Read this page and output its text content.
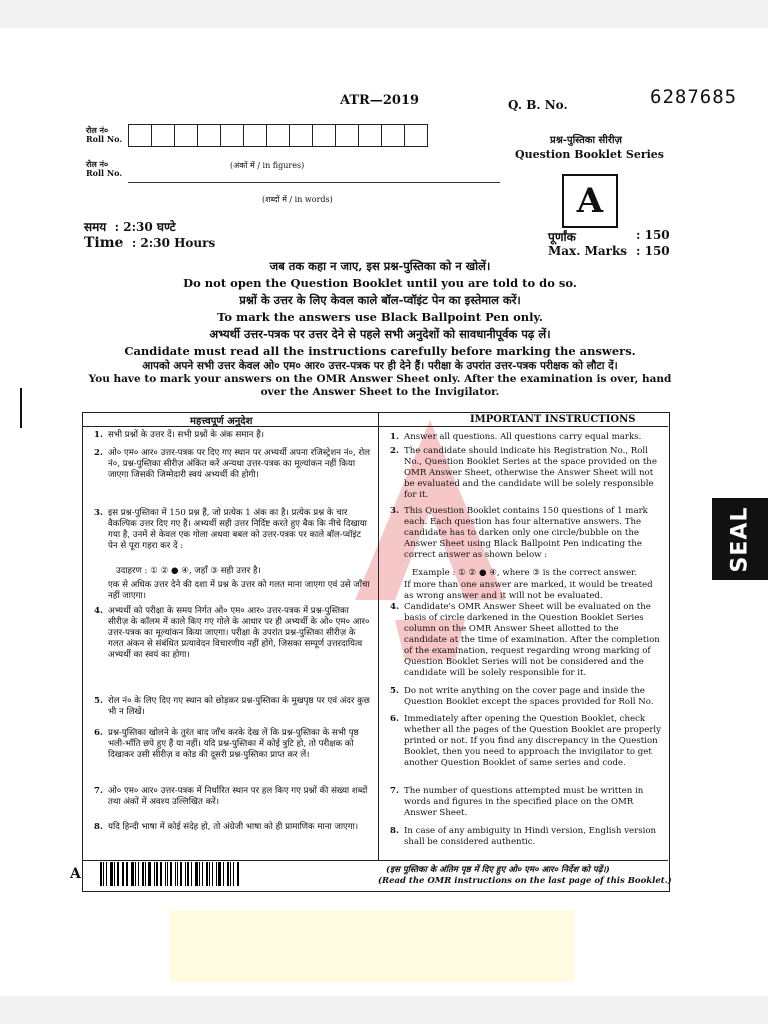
6287685
ATR—2019	Q. B. No.
रोल नं०
Roll No.
(अंकों में / in figures)
रोल नं०
Roll No.
(शब्दों में / in words)
प्रश्न-पुस्तिका सीरीज़
Question Booklet Series
A
समय : 2:30 घण्टे
Time : 2:30 Hours	पूर्णांक	: 150
Max. Marks : 150
जब तक कहा न जाए, इस प्रश्न-पुस्तिका को न खोलें।
Do not open the Question Booklet until you are told to do so.
प्रश्नों के उत्तर के लिए केवल काले बॉल-प्वॉइंट पेन का इस्तेमाल करें।
To mark the answers use Black Ballpoint Pen only.
अभ्यर्थी उत्तर-पत्रक पर उत्तर देने से पहले सभी अनुदेशों को सावधानीपूर्वक पढ़ लें।
Candidate must read all the instructions carefully before marking the answers.
आपको अपने सभी उत्तर केवल ओ० एम० आर० उत्तर-पत्रक पर ही देने हैं। परीक्षा के उपरांत उत्तर-पत्रक परीक्षक को लौटा दें।
You have to mark your answers on the OMR Answer Sheet only. After the examination is over, hand over the Answer Sheet to the Invigilator.
महत्त्वपूर्ण अनुदेश	IMPORTANT INSTRUCTIONS
1. सभी प्रश्नों के उत्तर दें। सभी प्रश्नों के अंक समान हैं।
2. ओ० एम० आर० उत्तर-पत्रक पर दिए गए स्थान पर अभ्यर्थी अपना रजिस्ट्रेशन नं०, रोल नं०, प्रश्न-पुस्तिका सीरीज़ अंकित करें अन्यथा उत्तर-पत्रक का मूल्यांकन नहीं किया जाएगा जिसकी जिम्मेदारी स्वयं अभ्यर्थी की होगी।
3. इस प्रश्न-पुस्तिका में 150 प्रश्न हैं, जो प्रत्येक 1 अंक का है। प्रत्येक प्रश्न के चार वैकल्पिक उत्तर दिए गए हैं। अभ्यर्थी सही उत्तर निर्दिष्ट करते हुए बैक कि नीचे दिखाया गया है, उनमें से केवल एक गोला अथवा बबल को उत्तर-पत्रक पर काले बॉल-प्वॉइंट पेन से पूरा गहरा कर दें :
उदाहरण : ① ② ● ④, जहाँ ③ सही उत्तर है।
एक से अधिक उत्तर देने की दशा में प्रश्न के उत्तर को गलत माना जाएगा एवं उसे जाँचा नहीं जाएगा।
4. अभ्यर्थी को परीक्षा के समय निर्गत ओ० एम० आर० उत्तर-पत्रक में प्रश्न-पुस्तिका सीरीज़ के कॉलम में काले किए गए गोले के आधार पर ही अभ्यर्थी के ओ० एम० आर० उत्तर-पत्रक का मूल्यांकन किया जाएगा। परीक्षा के उपरांत प्रश्न-पुस्तिका सीरीज़ के गलत अंकन से संबंधित प्रत्यावेदन विचारणीय नहीं होंगे, जिसका सम्पूर्ण उत्तरदायित्व अभ्यर्थी का स्वयं का होगा।
5. रोल नं० के लिए दिए गए स्थान को छोड़कर प्रश्न-पुस्तिका के मुखपृष्ठ पर एवं अंदर कुछ भी न लिखें।
6. प्रश्न-पुस्तिका खोलने के तुरंत बाद जाँच करके देख लें कि प्रश्न-पुस्तिका के सभी पृष्ठ भली-भाँति छपे हुए हैं या नहीं। यदि प्रश्न-पुस्तिका में कोई त्रुटि हो, तो परीक्षक को दिखाकर उसी सीरीज़ व कोड की दूसरी प्रश्न-पुस्तिका प्राप्त कर लें।
7. ओ० एम० आर० उत्तर-पत्रक में निर्धारित स्थान पर हल किए गए प्रश्नों की संख्या शब्दों तथा अंकों में अवश्य उल्लिखित करें।
8. यदि हिन्दी भाषा में कोई संदेह हो, तो अंग्रेजी भाषा को ही प्रामाणिक माना जाएगा।
1. Answer all questions. All questions carry equal marks.
2. The candidate should indicate his Registration No., Roll No., Question Booklet Series at the space provided on the OMR Answer Sheet, otherwise the Answer Sheet will not be evaluated and the candidate will be solely responsible for it.
3. This Question Booklet contains 150 questions of 1 mark each. Each question has four alternative answers. The candidate has to darken only one circle/bubble on the Answer Sheet using Black Ballpoint Pen indicating the correct answer as shown below :
Example : ① ② ● ④, where ③ is the correct answer.
If more than one answer are marked, it would be treated as wrong answer and it will not be evaluated.
4. Candidate's OMR Answer Sheet will be evaluated on the basis of circle darkened in the Question Booklet Series column on the OMR Answer Sheet allotted to the candidate at the time of examination. After the completion of the examination, request regarding wrong marking of Question Booklet Series will not be considered and the candidate will be solely responsible for it.
5. Do not write anything on the cover page and inside the Question Booklet except the spaces provided for Roll No.
6. Immediately after opening the Question Booklet, check whether all the pages of the Question Booklet are properly printed or not. If you find any discrepancy in the Question Booklet, then you need to approach the invigilator to get another Question Booklet of same series and code.
7. The number of questions attempted must be written in words and figures in the specified place on the OMR Answer Sheet.
8. In case of any ambiguity in Hindi version, English version shall be considered authentic.
A	(इस पुस्तिका के अंतिम पृष्ठ में दिए हुए ओ० एम० आर० निर्देश को पढ़ें।)
(Read the OMR instructions on the last page of this Booklet.)
SEAL
